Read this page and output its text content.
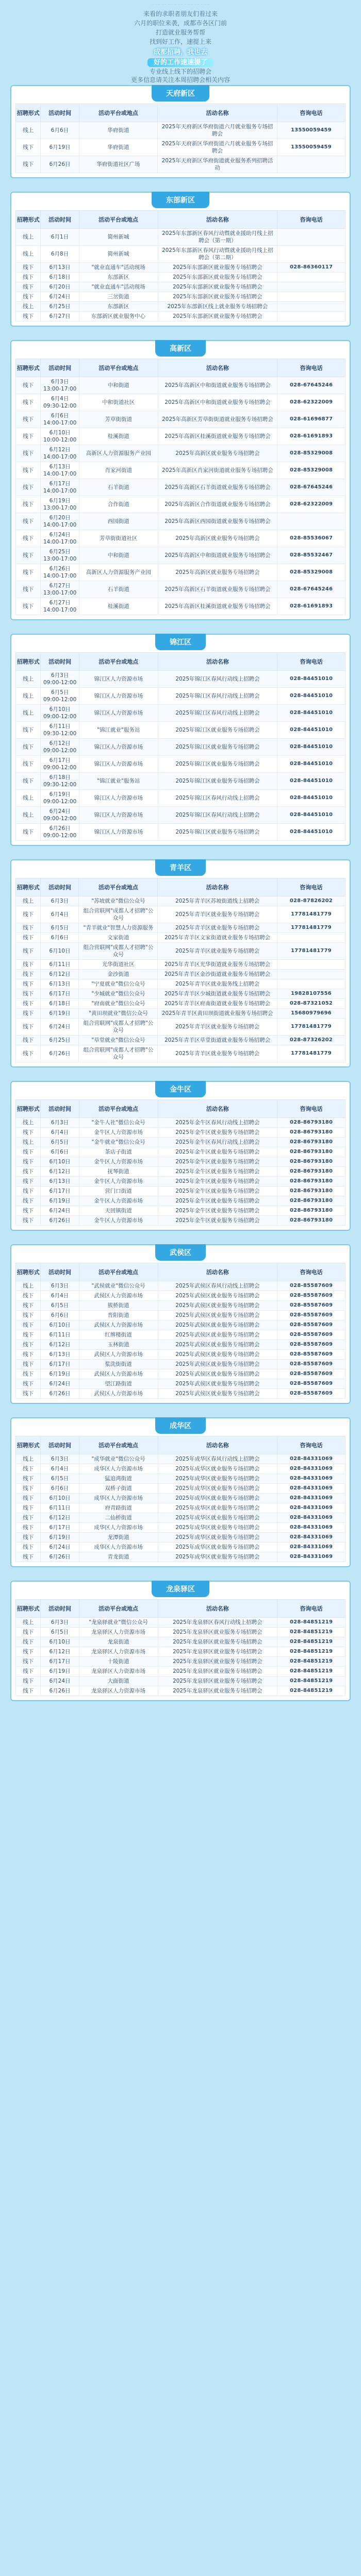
· · · · · · · · · · · · · · · · · ·
来看的求职者朋友们看过来
六月的职位来袭，成都市各区门前
打造就业服务帮帮
找到好工作，速提上来
成都招聘，我也去
好的工作速速提了
专业线上线下的招聘会
更多信息请关注本周招聘会相关内容
天府新区
招聘形式	活动时间	活动平台或地点	活动名称	咨询电话
线上	6月6日	华府街道	2025年天府新区华府街道六月就业服务专场招聘会	13550059459
线下	6月19日	华府街道	2025年天府新区华府街道六月就业服务专场招聘会	13550059459
线下	6月26日	华府街道社区广场	2025年天府新区华府街道就业服务系列招聘活动	
东部新区
招聘形式	活动时间	活动平台或地点	活动名称	咨询电话
线上	6月1日	简州新城	2025年东部新区春风行动暨就业援助月线上招聘会（第一期）	
线上	6月8日	简州新城	2025年东部新区春风行动暨就业援助月线上招聘会（第二期）	
线下	6月13日	"就业直通车"活动现场	2025年东部新区就业服务专场招聘会	028-86360117
线下	6月18日	东部新区	2025年东部新区就业服务专场招聘会	
线下	6月20日	"就业直通车"活动现场	2025年东部新区就业服务专场招聘会	
线下	6月24日	三岔街道	2025年东部新区就业服务专场招聘会	
线上	6月25日	东部新区	2025年东部新区线上就业服务专场招聘会	
线下	6月27日	东部新区就业服务中心	2025年东部新区就业服务专场招聘会	
高新区
招聘形式	活动时间	活动平台或地点	活动名称	咨询电话
线下	6月3日 13:00-17:00	中和街道	2025年高新区中和街道就业服务专场招聘会	028-67645246
线下	6月4日 09:30-12:00	中和街道社区	2025年高新区中和街道就业服务专场招聘会	028-62322009
线下	6月6日 14:00-17:00	芳草街街道	2025年高新区芳草街街道就业服务专场招聘会	028-61696877
线下	6月10日 10:00-12:00	桂溪街道	2025年高新区桂溪街道就业服务专场招聘会	028-61691893
线下	6月12日 14:00-17:00	高新区人力资源服务产业园	2025年高新区就业服务专场招聘会	028-85329008
线下	6月13日 14:00-17:00	肖家河街道	2025年高新区肖家河街道就业服务专场招聘会	028-85329008
线下	6月17日 14:00-17:00	石羊街道	2025年高新区石羊街道就业服务专场招聘会	028-67645246
线下	6月19日 13:00-17:00	合作街道	2025年高新区合作街道就业服务专场招聘会	028-62322009
线下	6月20日 14:00-17:00	西园街道	2025年高新区西园街道就业服务专场招聘会	
线下	6月24日 14:00-17:00	芳草街街道社区	2025年高新区就业服务专场招聘会	028-85536067
线下	6月25日 13:00-17:00	中和街道	2025年高新区中和街道就业服务专场招聘会	028-85532467
线下	6月26日 14:00-17:00	高新区人力资源服务产业园	2025年高新区就业服务专场招聘会	028-85329008
线下	6月27日 13:00-17:00	石羊街道	2025年高新区石羊街道就业服务专场招聘会	028-67645246
线下	6月27日 14:00-17:00	桂溪街道	2025年高新区桂溪街道就业服务专场招聘会	028-61691893
锦江区
招聘形式	活动时间	活动平台或地点	活动名称	咨询电话
线上	6月3日 09:00-12:00	锦江区人力资源市场	2025年锦江区春风行动线上招聘会	028-84451010
线上	6月5日 09:00-12:00	锦江区人力资源市场	2025年锦江区春风行动线上招聘会	028-84451010
线上	6月10日 09:00-12:00	锦江区人力资源市场	2025年锦江区春风行动线上招聘会	028-84451010
线下	6月11日 09:30-12:00	"锦江就业"服务站	2025年锦江区就业服务专场招聘会	028-84451010
线下	6月12日 09:00-12:00	锦江区人力资源市场	2025年锦江区就业服务专场招聘会	028-84451010
线下	6月17日 09:00-12:00	锦江区人力资源市场	2025年锦江区就业服务专场招聘会	028-84451010
线下	6月18日 09:30-12:00	"锦江就业"服务站	2025年锦江区就业服务专场招聘会	028-84451010
线上	6月19日 09:00-12:00	锦江区人力资源市场	2025年锦江区春风行动线上招聘会	028-84451010
线上	6月24日 09:00-12:00	锦江区人力资源市场	2025年锦江区春风行动线上招聘会	028-84451010
线下	6月26日 09:00-12:00	锦江区人力资源市场	2025年锦江区就业服务专场招聘会	028-84451010
青羊区
招聘形式	活动时间	活动平台或地点	活动名称	咨询电话
线上	6月3日	"苏坡就业"微信公众号	2025年青羊区苏坡街道线上招聘会	028-87826202
线下	6月4日	组合营联网"成都人才招聘"公众号	2025年青羊区就业服务专场招聘会	17781481779
线下	6月5日	"青羊就业"智慧人力资源服务	2025年青羊区就业服务专场招聘会	17781481779
线下	6月6日	文家街道	2025年青羊区文家街道就业服务专场招聘会	
线下	6月10日	组合营联网"成都人才招聘"公众号	2025年青羊区就业服务专场招聘会	17781481779
线下	6月11日	光华街道社区	2025年青羊区光华街道就业服务专场招聘会	
线下	6月12日	金沙街道	2025年青羊区金沙街道就业服务专场招聘会	
线下	6月13日	"宁夏就业"微信公众号	2025年青羊区就业服务线上招聘会	
线下	6月17日	"少城就业"微信公众号	2025年青羊区少城街道就业服务专场招聘会	19828107556
线下	6月18日	"府南就业"微信公众号	2025年青羊区府南街道就业服务专场招聘会	028-87321052
线下	6月19日	"黄田坝就业"微信公众号	2025年青羊区黄田坝街道就业服务专场招聘会	15680979696
线下	6月24日	组合营联网"成都人才招聘"公众号	2025年青羊区就业服务专场招聘会	17781481779
线下	6月25日	"草堂就业"微信公众号	2025年青羊区草堂街道就业服务专场招聘会	028-87326202
线下	6月26日	组合营联网"成都人才招聘"公众号	2025年青羊区就业服务专场招聘会	17781481779
金牛区
招聘形式	活动时间	活动平台或地点	活动名称	咨询电话
线上	6月3日	"金牛人社"微信公众号	2025年金牛区春风行动线上招聘会	028-86793180
线下	6月4日	金牛区人力资源市场	2025年金牛区就业服务专场招聘会	028-86793180
线上	6月5日	"金牛就业"微信公众号	2025年金牛区春风行动线上招聘会	028-86793180
线下	6月6日	茶店子街道	2025年金牛区就业服务专场招聘会	028-86793180
线下	6月10日	金牛区人力资源市场	2025年金牛区就业服务专场招聘会	028-86793180
线下	6月12日	抚琴街道	2025年金牛区就业服务专场招聘会	028-86793180
线下	6月13日	金牛区人力资源市场	2025年金牛区就业服务专场招聘会	028-86793180
线下	6月17日	营门口街道	2025年金牛区就业服务专场招聘会	028-86793180
线下	6月19日	金牛区人力资源市场	2025年金牛区就业服务专场招聘会	028-86793180
线下	6月24日	天回镇街道	2025年金牛区就业服务专场招聘会	028-86793180
线下	6月26日	金牛区人力资源市场	2025年金牛区就业服务专场招聘会	028-86793180
武侯区
招聘形式	活动时间	活动平台或地点	活动名称	咨询电话
线上	6月3日	"武侯就业"微信公众号	2025年武侯区春风行动线上招聘会	028-85587609
线下	6月4日	武侯区人力资源市场	2025年武侯区就业服务专场招聘会	028-85587609
线下	6月5日	簇桥街道	2025年武侯区就业服务专场招聘会	028-85587609
线下	6月6日	晋阳街道	2025年武侯区就业服务专场招聘会	028-85587609
线下	6月10日	武侯区人力资源市场	2025年武侯区就业服务专场招聘会	028-85587609
线下	6月11日	红牌楼街道	2025年武侯区就业服务专场招聘会	028-85587609
线下	6月12日	玉林街道	2025年武侯区就业服务专场招聘会	028-85587609
线下	6月13日	武侯区人力资源市场	2025年武侯区就业服务专场招聘会	028-85587609
线下	6月17日	浆洗街街道	2025年武侯区就业服务专场招聘会	028-85587609
线下	6月19日	武侯区人力资源市场	2025年武侯区就业服务专场招聘会	028-85587609
线下	6月24日	望江路街道	2025年武侯区就业服务专场招聘会	028-85587609
线下	6月26日	武侯区人力资源市场	2025年武侯区就业服务专场招聘会	028-85587609
成华区
招聘形式	活动时间	活动平台或地点	活动名称	咨询电话
线上	6月3日	"成华就业"微信公众号	2025年成华区春风行动线上招聘会	028-84331069
线下	6月4日	成华区人力资源市场	2025年成华区就业服务专场招聘会	028-84331069
线下	6月5日	猛追湾街道	2025年成华区就业服务专场招聘会	028-84331069
线下	6月6日	双桥子街道	2025年成华区就业服务专场招聘会	028-84331069
线下	6月10日	成华区人力资源市场	2025年成华区就业服务专场招聘会	028-84331069
线下	6月11日	府青路街道	2025年成华区就业服务专场招聘会	028-84331069
线下	6月12日	二仙桥街道	2025年成华区就业服务专场招聘会	028-84331069
线下	6月17日	成华区人力资源市场	2025年成华区就业服务专场招聘会	028-84331069
线下	6月19日	龙潭街道	2025年成华区就业服务专场招聘会	028-84331069
线下	6月24日	成华区人力资源市场	2025年成华区就业服务专场招聘会	028-84331069
线下	6月26日	青龙街道	2025年成华区就业服务专场招聘会	028-84331069
龙泉驿区
招聘形式	活动时间	活动平台或地点	活动名称	咨询电话
线上	6月3日	"龙泉驿就业"微信公众号	2025年龙泉驿区春风行动线上招聘会	028-84851219
线下	6月5日	龙泉驿区人力资源市场	2025年龙泉驿区就业服务专场招聘会	028-84851219
线下	6月10日	龙泉街道	2025年龙泉驿区就业服务专场招聘会	028-84851219
线下	6月12日	龙泉驿区人力资源市场	2025年龙泉驿区就业服务专场招聘会	028-84851219
线下	6月17日	十陵街道	2025年龙泉驿区就业服务专场招聘会	028-84851219
线下	6月19日	龙泉驿区人力资源市场	2025年龙泉驿区就业服务专场招聘会	028-84851219
线下	6月24日	大面街道	2025年龙泉驿区就业服务专场招聘会	028-84851219
线下	6月26日	龙泉驿区人力资源市场	2025年龙泉驿区就业服务专场招聘会	028-84851219
